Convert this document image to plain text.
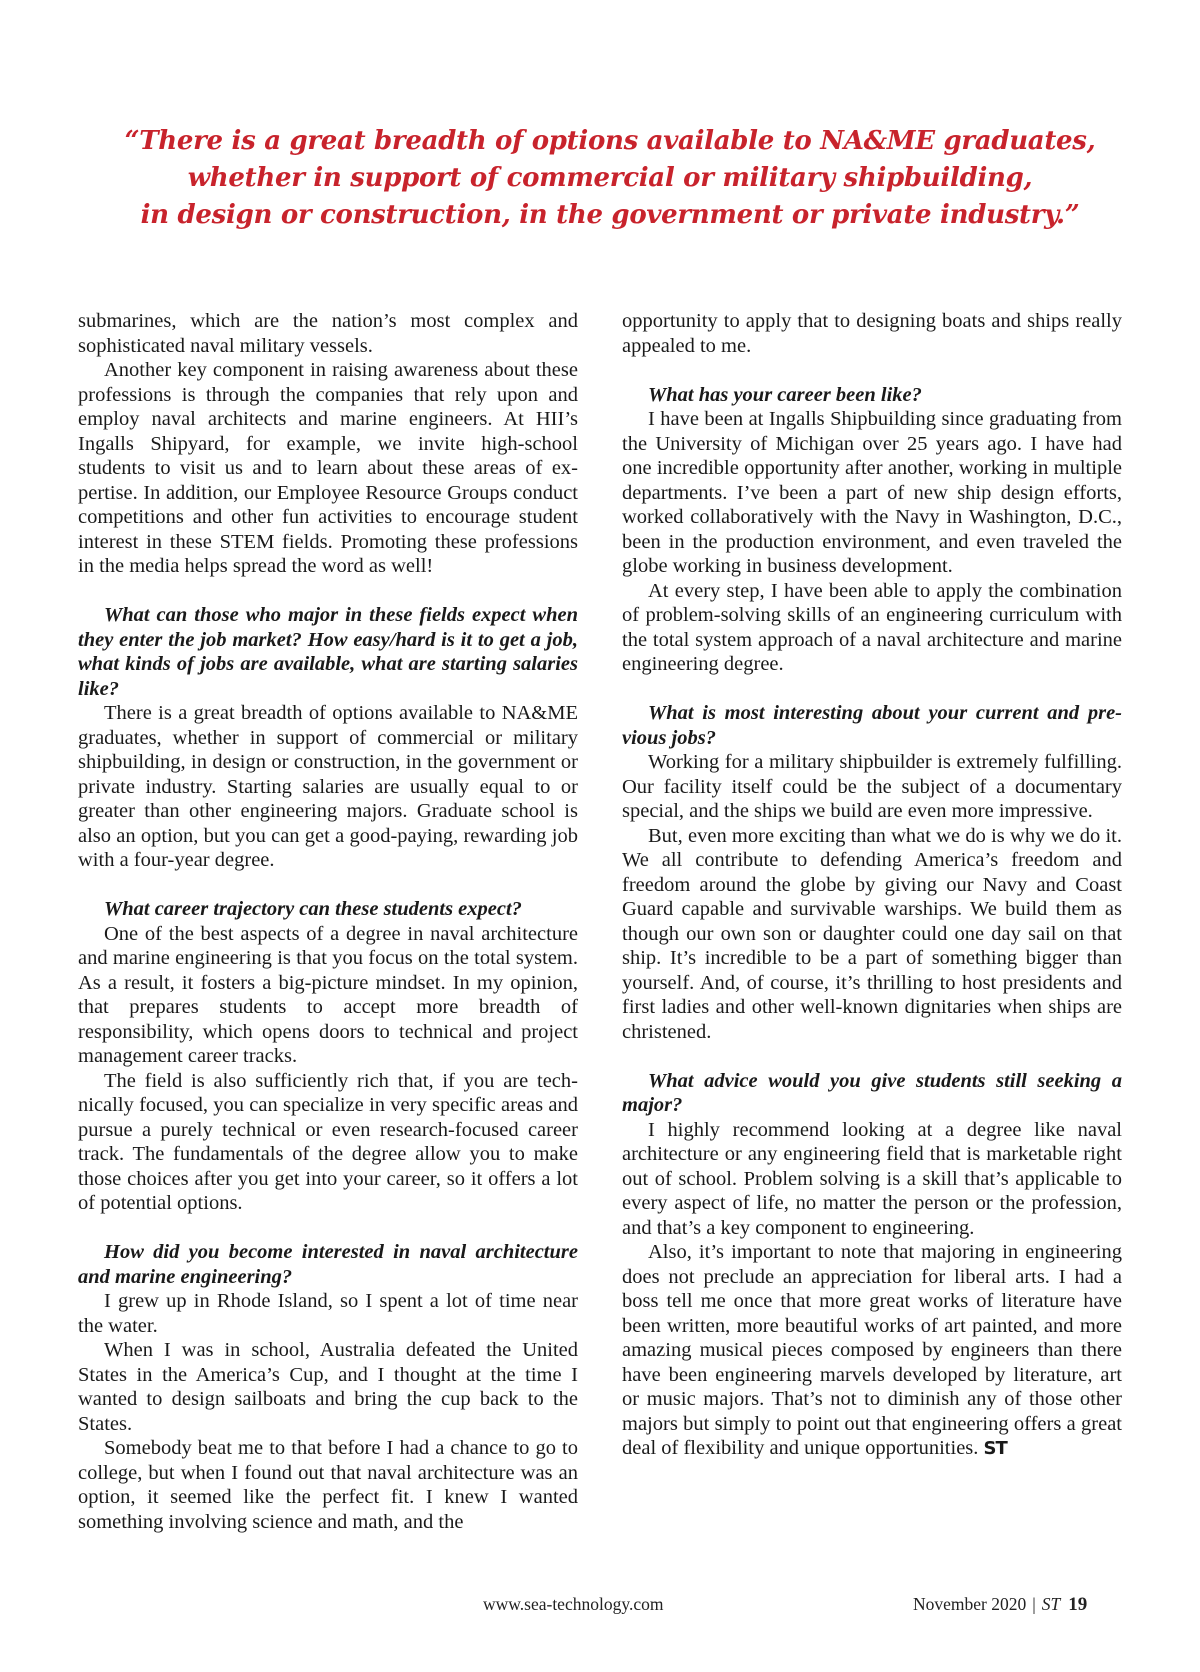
“There is a great breadth of options available to NA&ME graduates,
whether in support of commercial or military shipbuilding,
in design or construction, in the government or private industry.”

submarines, which are the nation’s most complex and sophisticated naval military vessels.

Another key component in raising awareness about these professions is through the companies that rely upon and employ naval architects and marine engineers. At HII’s Ingalls Shipyard, for example, we invite high-school students to visit us and to learn about these areas of expertise. In addition, our Employee Resource Groups conduct competitions and other fun activities to encourage student interest in these STEM fields. Promoting these professions in the media helps spread the word as well!

What can those who major in these fields expect when they enter the job market? How easy/hard is it to get a job, what kinds of jobs are available, what are starting salaries like?

There is a great breadth of options available to NA&ME graduates, whether in support of commercial or military shipbuilding, in design or construction, in the government or private industry. Starting salaries are usually equal to or greater than other engineering majors. Graduate school is also an option, but you can get a good-paying, rewarding job with a four-year degree.

What career trajectory can these students expect?

One of the best aspects of a degree in naval architecture and marine engineering is that you focus on the total system. As a result, it fosters a big-picture mindset. In my opinion, that prepares students to accept more breadth of responsibility, which opens doors to technical and project management career tracks.

The field is also sufficiently rich that, if you are technically focused, you can specialize in very specific areas and pursue a purely technical or even research-focused career track. The fundamentals of the degree allow you to make those choices after you get into your career, so it offers a lot of potential options.

How did you become interested in naval architecture and marine engineering?

I grew up in Rhode Island, so I spent a lot of time near the water.

When I was in school, Australia defeated the United States in the America’s Cup, and I thought at the time I wanted to design sailboats and bring the cup back to the States.

Somebody beat me to that before I had a chance to go to college, but when I found out that naval architecture was an option, it seemed like the perfect fit. I knew I wanted something involving science and math, and the

opportunity to apply that to designing boats and ships really appealed to me.

What has your career been like?

I have been at Ingalls Shipbuilding since graduating from the University of Michigan over 25 years ago. I have had one incredible opportunity after another, working in multiple departments. I’ve been a part of new ship design efforts, worked collaboratively with the Navy in Washington, D.C., been in the production environment, and even traveled the globe working in business development.

At every step, I have been able to apply the combination of problem-solving skills of an engineering curriculum with the total system approach of a naval architecture and marine engineering degree.

What is most interesting about your current and previous jobs?

Working for a military shipbuilder is extremely fulfilling. Our facility itself could be the subject of a documentary special, and the ships we build are even more impressive.

But, even more exciting than what we do is why we do it. We all contribute to defending America’s freedom and freedom around the globe by giving our Navy and Coast Guard capable and survivable warships. We build them as though our own son or daughter could one day sail on that ship. It’s incredible to be a part of something bigger than yourself. And, of course, it’s thrilling to host presidents and first ladies and other well-known dignitaries when ships are christened.

What advice would you give students still seeking a major?

I highly recommend looking at a degree like naval architecture or any engineering field that is marketable right out of school. Problem solving is a skill that’s applicable to every aspect of life, no matter the person or the profession, and that’s a key component to engineering.

Also, it’s important to note that majoring in engineering does not preclude an appreciation for liberal arts. I had a boss tell me once that more great works of literature have been written, more beautiful works of art painted, and more amazing musical pieces composed by engineers than there have been engineering marvels developed by literature, art or music majors. That’s not to diminish any of those other majors but simply to point out that engineering offers a great deal of flexibility and unique opportunities. ST

www.sea-technology.com	November 2020 | ST 19
